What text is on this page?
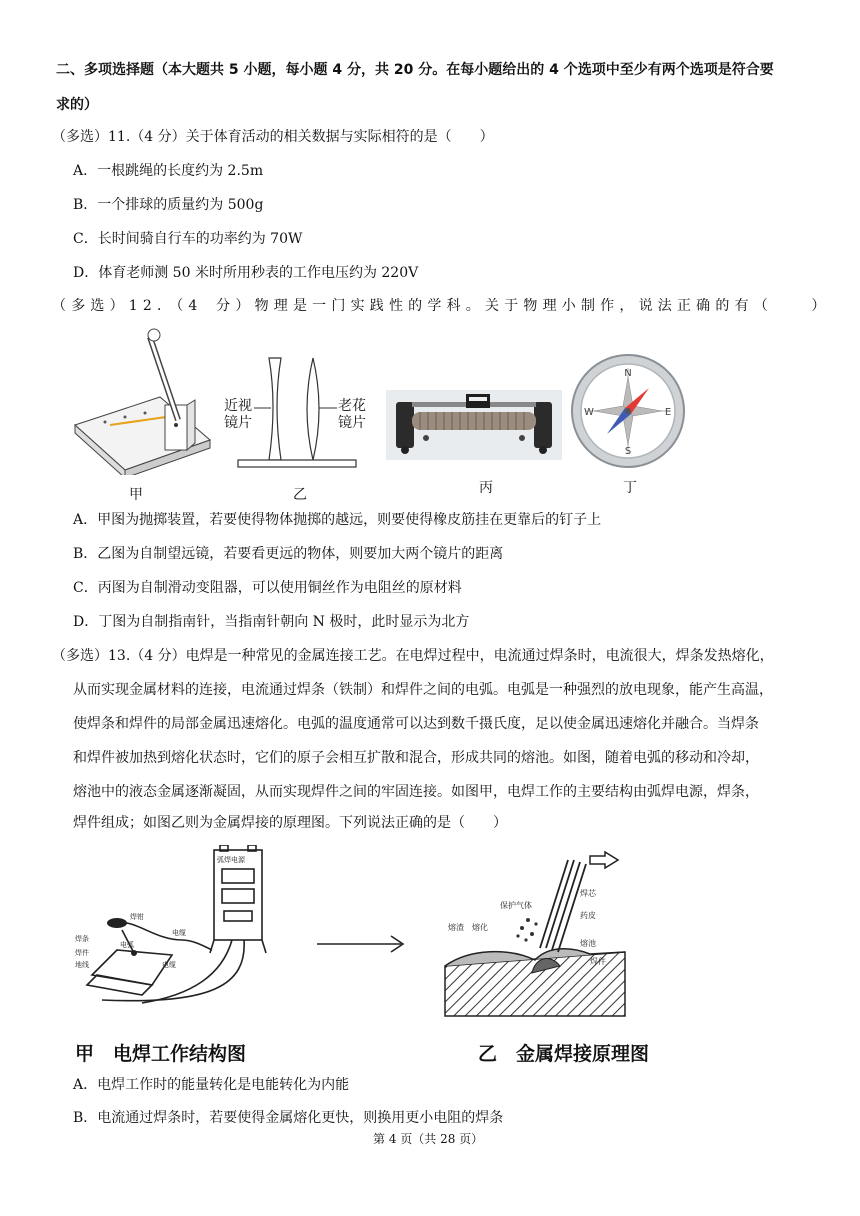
二、多项选择题（本大题共 5 小题，每小题 4 分，共 20 分。在每小题给出的 4 个选项中至少有两个选项是符合要
求的）
（多选）11.（4 分）关于体育活动的相关数据与实际相符的是（　　）
A．一根跳绳的长度约为 2.5m
B．一个排球的质量约为 500g
C．长时间骑自行车的功率约为 70W
D．体育老师测 50 米时所用秒表的工作电压约为 220V
（多选）12．（4 分）物理是一门实践性的学科。关于物理小制作，说法正确的有（　　）
甲
近视
镜片
老花
镜片
乙	丙
N
S
E
W
丁
A．甲图为抛掷装置，若要使得物体抛掷的越远，则要使得橡皮筋挂在更靠后的钉子上
B．乙图为自制望远镜，若要看更远的物体，则要加大两个镜片的距离
C．丙图为自制滑动变阻器，可以使用铜丝作为电阻丝的原材料
D．丁图为自制指南针，当指南针朝向 N 极时，此时显示为北方
（多选）13.（4 分）电焊是一种常见的金属连接工艺。在电焊过程中，电流通过焊条时，电流很大，焊条发热熔化，
从而实现金属材料的连接，电流通过焊条（铁制）和焊件之间的电弧。电弧是一种强烈的放电现象，能产生高温，
使焊条和焊件的局部金属迅速熔化。电弧的温度通常可以达到数千摄氏度，足以使金属迅速熔化并融合。当焊条
和焊件被加热到熔化状态时，它们的原子会相互扩散和混合，形成共同的熔池。如图，随着电弧的移动和冷却，
熔池中的液态金属逐渐凝固，从而实现焊件之间的牢固连接。如图甲，电焊工作的主要结构由弧焊电源，焊条，
焊件组成；如图乙则为金属焊接的原理图。下列说法正确的是（　　）
弧焊电源
焊钳
电缆
焊条
焊件
电弧
地线	电缆
保护气体
焊芯
药皮
熔渣
熔池
焊件
熔化
甲　电焊工作结构图	乙　金属焊接原理图
A．电焊工作时的能量转化是电能转化为内能
B．电流通过焊条时，若要使得金属熔化更快，则换用更小电阻的焊条
第 4 页（共 28 页）
